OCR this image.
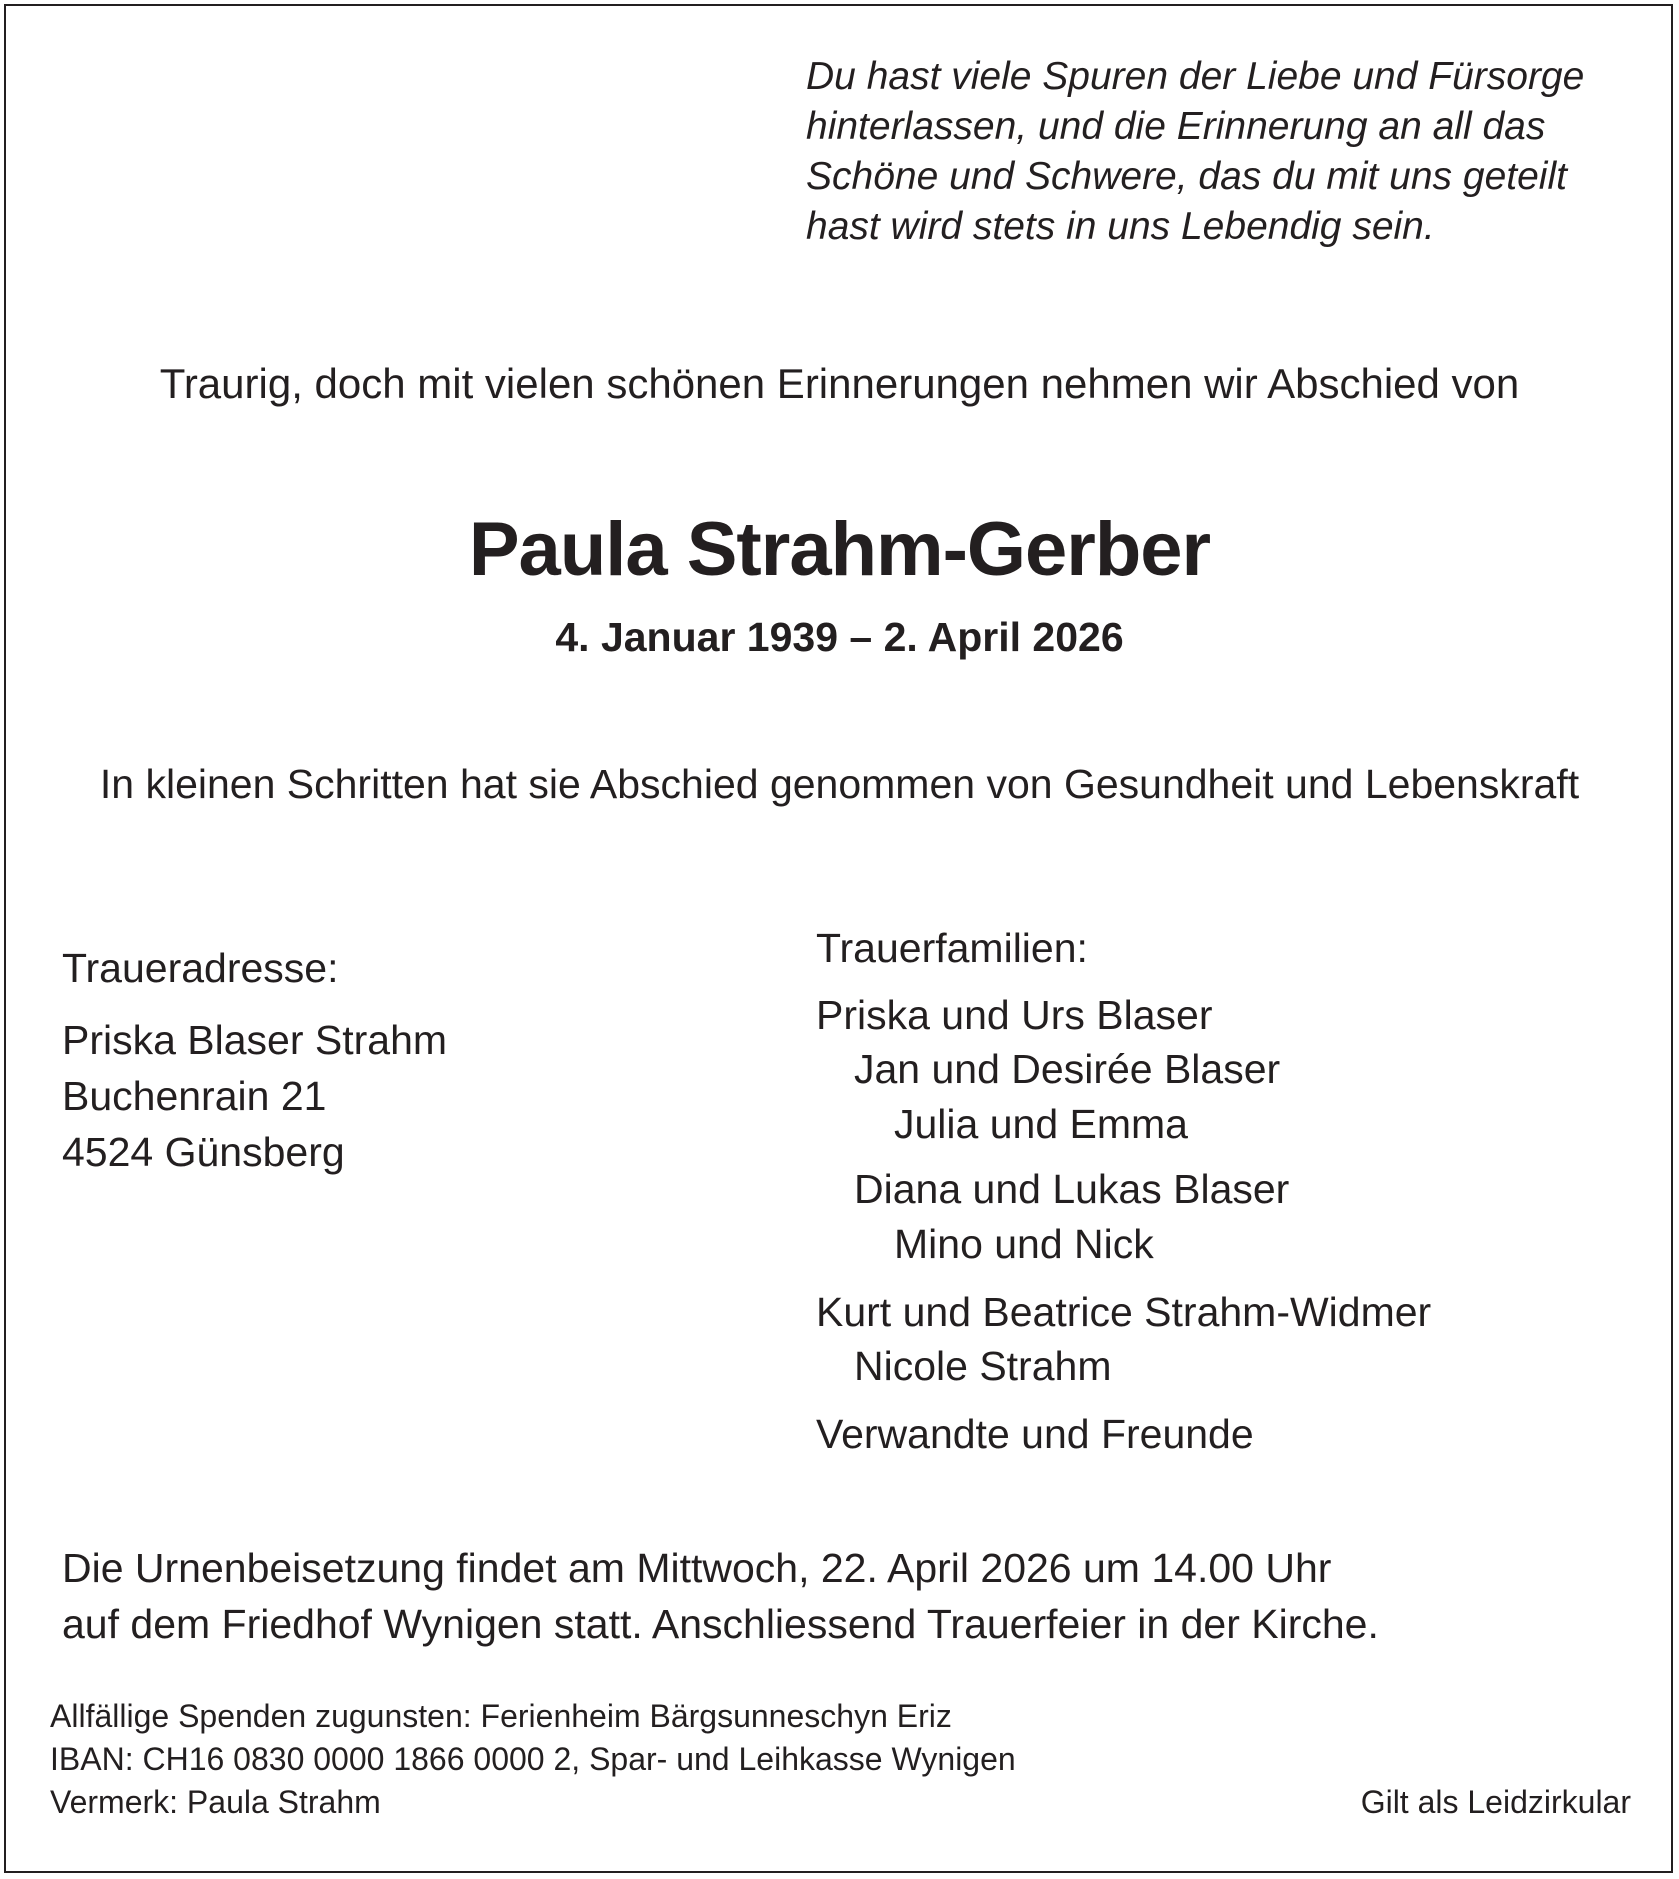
Du hast viele Spuren der Liebe und Fürsorge
hinterlassen, und die Erinnerung an all das
Schöne und Schwere, das du mit uns geteilt
hast wird stets in uns Lebendig sein.
Traurig, doch mit vielen schönen Erinnerungen nehmen wir Abschied von
Paula Strahm-Gerber
4. Januar 1939 – 2. April 2026
In kleinen Schritten hat sie Abschied genommen von Gesundheit und Lebenskraft
Traueradresse:
Priska Blaser Strahm
Buchenrain 21
4524 Günsberg
Trauerfamilien:
Priska und Urs Blaser
Jan und Desirée Blaser
Julia und Emma
Diana und Lukas Blaser
Mino und Nick
Kurt und Beatrice Strahm-Widmer
Nicole Strahm
Verwandte und Freunde
Die Urnenbeisetzung findet am Mittwoch, 22. April 2026 um 14.00 Uhr
auf dem Friedhof Wynigen statt. Anschliessend Trauerfeier in der Kirche.
Allfällige Spenden zugunsten: Ferienheim Bärgsunneschyn Eriz
IBAN: CH16 0830 0000 1866 0000 2, Spar- und Leihkasse Wynigen
Vermerk: Paula Strahm	Gilt als Leidzirkular
